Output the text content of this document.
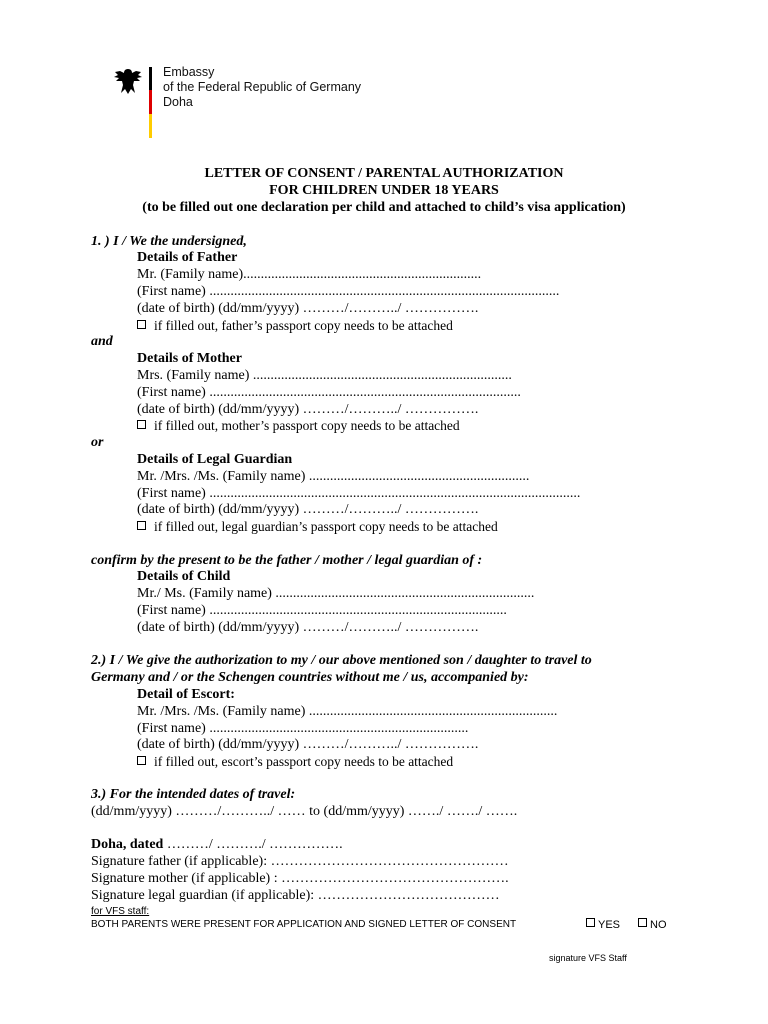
Embassy
of the Federal Republic of Germany
Doha
LETTER OF CONSENT / PARENTAL AUTHORIZATION
FOR CHILDREN UNDER 18 YEARS
(to be filled out one declaration per child and attached to child’s visa application)
1. ) I / We the undersigned,
Details of Father
Mr. (Family name)....................................................................
(First name) ....................................................................................................
(date of birth) (dd/mm/yyyy) ………/………../ …………….
if filled out, father’s passport copy needs to be attached
and
Details of Mother
Mrs. (Family name) ..........................................................................
(First name) .........................................................................................
(date of birth) (dd/mm/yyyy) ………/………../ …………….
if filled out, mother’s passport copy needs to be attached
or
Details of Legal Guardian
Mr. /Mrs. /Ms. (Family name) ...............................................................
(First name) ..........................................................................................................
(date of birth) (dd/mm/yyyy) ………/………../ …………….
if filled out, legal guardian’s passport copy needs to be attached
confirm by the present to be the father / mother / legal guardian of :
Details of Child
Mr./ Ms. (Family name) ..........................................................................
(First name) .....................................................................................
(date of birth) (dd/mm/yyyy) ………/………../ …………….
2.) I / We give the authorization to my / our above mentioned son / daughter to travel to
Germany and / or the Schengen countries without me / us, accompanied by:
Detail of Escort:
Mr. /Mrs. /Ms. (Family name) .......................................................................
(First name) ..........................................................................
(date of birth) (dd/mm/yyyy) ………/………../ …………….
if filled out, escort’s passport copy needs to be attached
3.) For the intended dates of travel:
(dd/mm/yyyy) ………/………../ …… to (dd/mm/yyyy) ……./ ……./ …….
Doha, dated ………/ ………./ …………….
Signature father (if applicable): ……………………………………………
Signature mother (if applicable) : ………………………………………….
Signature legal guardian (if applicable): …………………………………
for VFS staff:
BOTH PARENTS WERE PRESENT FOR APPLICATION AND SIGNED LETTER OF CONSENT	YES	NO
signature VFS Staff
